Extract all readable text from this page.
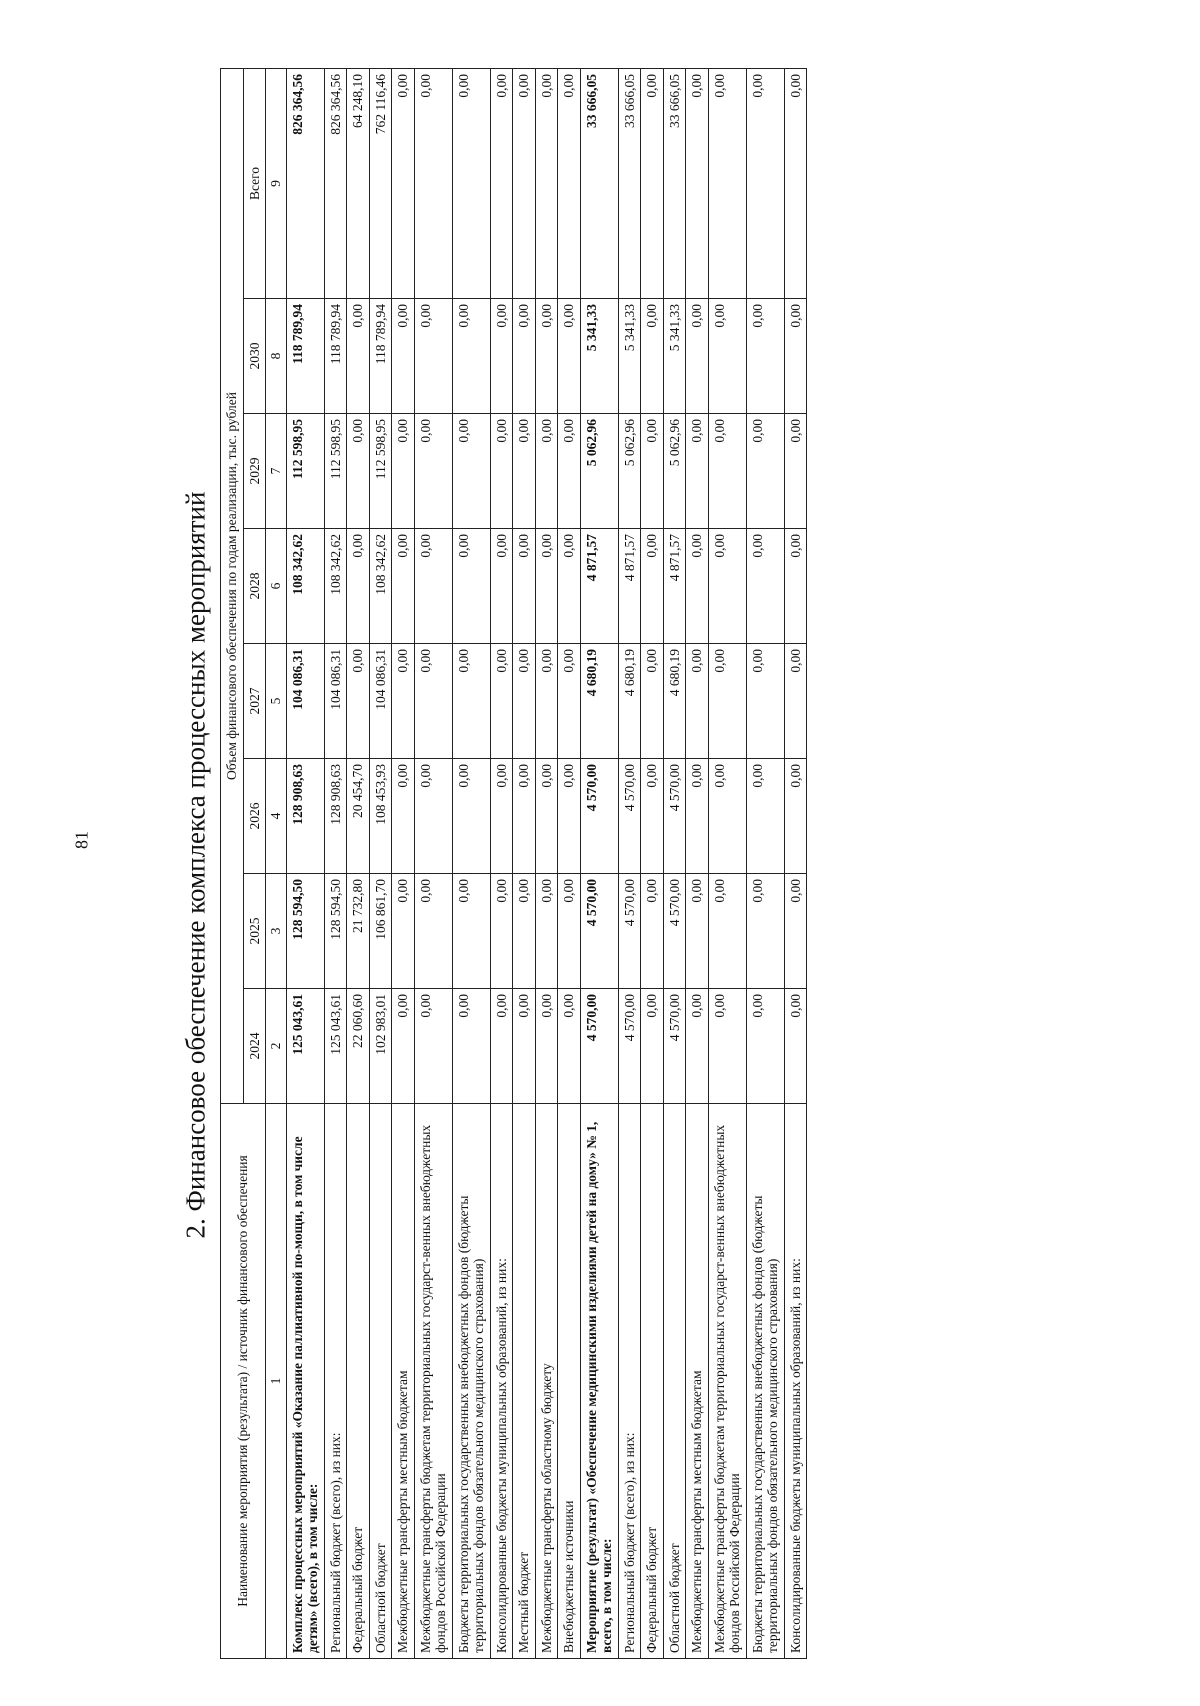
81	2. Финансовое обеспечение комплекса процессных мероприятий
Наименование мероприятия (результата) / источник финансового обеспечения	Объем финансового обеспечения по годам реализации, тыс. рублей							
	2024	2025	2026	2027	2028	2029	2030	Всего
1	2	3	4	5	6	7	8	9
Комплекс процессных мероприятий «Оказание паллиативной по-мощи, в том числе детям» (всего), в том числе:	125 043,61	128 594,50	128 908,63	104 086,31	108 342,62	112 598,95	118 789,94	826 364,56
Региональный бюджет (всего), из них:	125 043,61	128 594,50	128 908,63	104 086,31	108 342,62	112 598,95	118 789,94	826 364,56
Федеральный бюджет	22 060,60	21 732,80	20 454,70	0,00	0,00	0,00	0,00	64 248,10
Областной бюджет	102 983,01	106 861,70	108 453,93	104 086,31	108 342,62	112 598,95	118 789,94	762 116,46
Межбюджетные трансферты местным бюджетам	0,00	0,00	0,00	0,00	0,00	0,00	0,00	0,00
Межбюджетные трансферты бюджетам территориальных государст-венных внебюджетных фондов Российской Федерации	0,00	0,00	0,00	0,00	0,00	0,00	0,00	0,00
Бюджеты территориальных государственных внебюджетных фондов (бюджеты территориальных фондов обязательного медицинского страхования)	0,00	0,00	0,00	0,00	0,00	0,00	0,00	0,00
Консолидированные бюджеты муниципальных образований, из них:	0,00	0,00	0,00	0,00	0,00	0,00	0,00	0,00
Местный бюджет	0,00	0,00	0,00	0,00	0,00	0,00	0,00	0,00
Межбюджетные трансферты областному бюджету	0,00	0,00	0,00	0,00	0,00	0,00	0,00	0,00
Внебюджетные источники	0,00	0,00	0,00	0,00	0,00	0,00	0,00	0,00
Мероприятие (результат) «Обеспечение медицинскими изделиями детей на дому» № 1, всего, в том числе:	4 570,00	4 570,00	4 570,00	4 680,19	4 871,57	5 062,96	5 341,33	33 666,05
Региональный бюджет (всего), из них:	4 570,00	4 570,00	4 570,00	4 680,19	4 871,57	5 062,96	5 341,33	33 666,05
Федеральный бюджет	0,00	0,00	0,00	0,00	0,00	0,00	0,00	0,00
Областной бюджет	4 570,00	4 570,00	4 570,00	4 680,19	4 871,57	5 062,96	5 341,33	33 666,05
Межбюджетные трансферты местным бюджетам	0,00	0,00	0,00	0,00	0,00	0,00	0,00	0,00
Межбюджетные трансферты бюджетам территориальных государст-венных внебюджетных фондов Российской Федерации	0,00	0,00	0,00	0,00	0,00	0,00	0,00	0,00
Бюджеты территориальных государственных внебюджетных фондов (бюджеты территориальных фондов обязательного медицинского страхования)	0,00	0,00	0,00	0,00	0,00	0,00	0,00	0,00
Консолидированные бюджеты муниципальных образований, из них:	0,00	0,00	0,00	0,00	0,00	0,00	0,00	0,00
